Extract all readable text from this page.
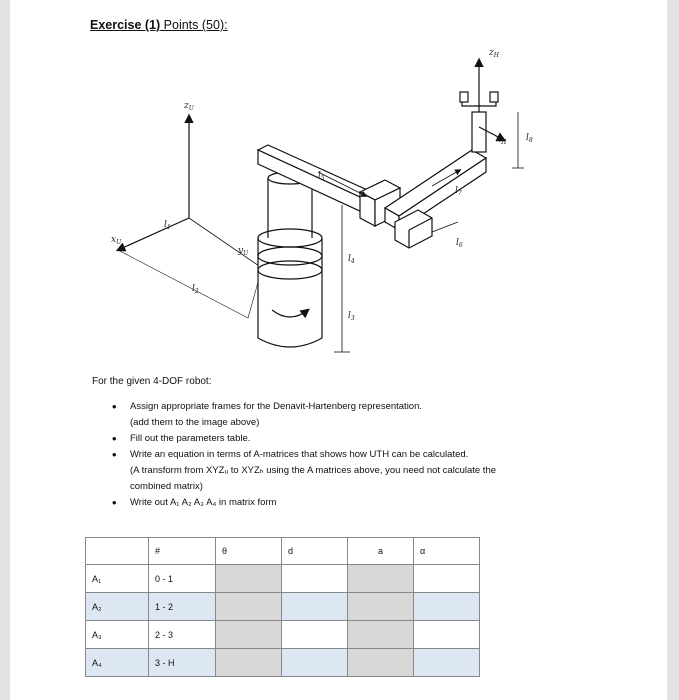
Exercise (1) Points (50):
$z_U$
$x_U$
$y_U$
$z_H$
$x_H$
$l_1$
$l_2$
$l_3$
$l_4$
$l_5$
$l_6$
$l_7$
$l_8$
For the given 4-DOF robot:
• Assign appropriate frames for the Denavit-Hartenberg representation.
(add them to the image above)
• Fill out the parameters table.
• Write an equation in terms of A-matrices that shows how UTH can be calculated.
(A transform from XYZᵤ to XYZₕ using the A matrices above, you need not calculate the
combined matrix)
• Write out A₁ A₂ A₃ A₄ in matrix form
	#	θ	d	a	α
A₁	0 - 1				
A₂	1 - 2				
A₃	2 - 3				
A₄	3 - H				
